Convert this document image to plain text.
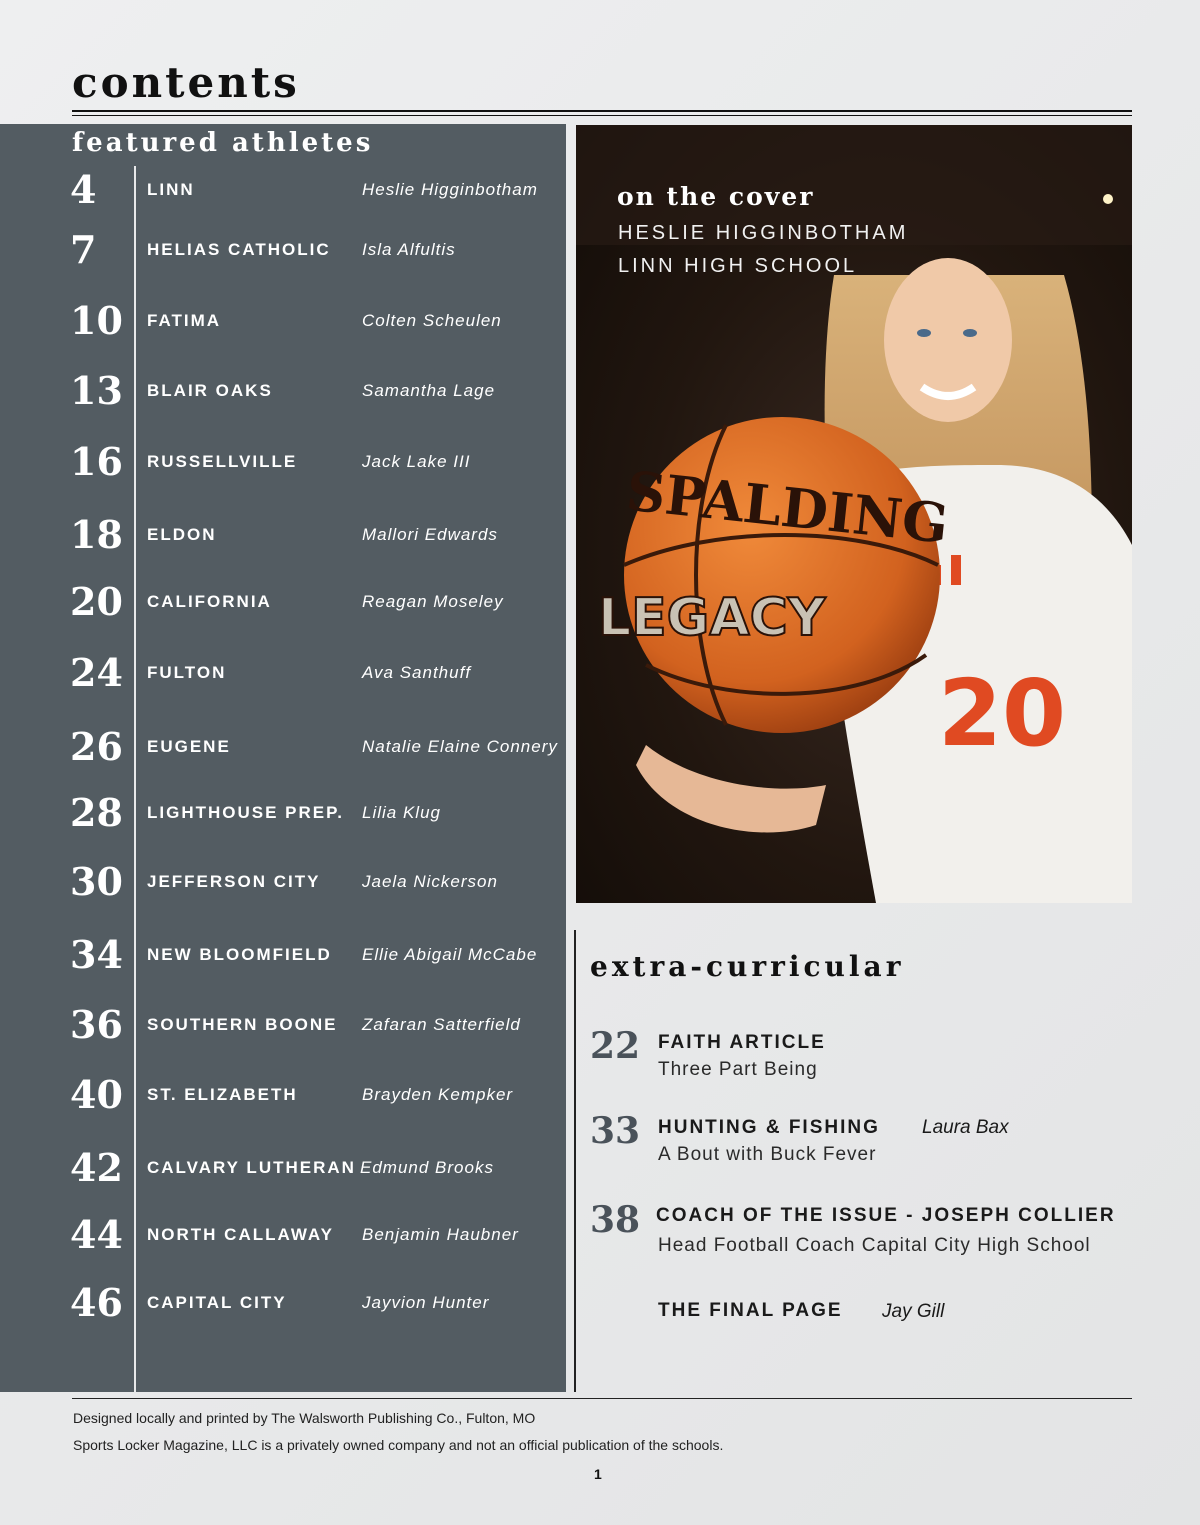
contents
featured athletes
4	LINN	Heslie Higginbotham
7	HELIAS CATHOLIC Isla Alfultis
10	FATIMA	Colten Scheulen
13	BLAIR OAKS	Samantha Lage
16	RUSSELLVILLE	Jack Lake III
18	ELDON	Mallori Edwards
20	CALIFORNIA	Reagan Moseley
24	FULTON	Ava Santhuff
26	EUGENE	Natalie Elaine Connery
28	LIGHTHOUSE PREP. Lilia Klug
30	JEFFERSON CITY Jaela Nickerson
34	NEW BLOOMFIELD Ellie Abigail McCabe
36	SOUTHERN BOONE Zafaran Satterfield
40	ST. ELIZABETH	Brayden Kempker
42	CALVARY LUTHERAN Edmund Brooks
44	NORTH CALLAWAY Benjamin Haubner
46	CAPITAL CITY	Jayvion Hunter
20
SPALDING
LEGACY
on the cover
HESLIE HIGGINBOTHAM
LINN HIGH SCHOOL
extra-curricular
22 FAITH ARTICLE
Three Part Being
33 HUNTING & FISHING Laura Bax
A Bout with Buck Fever
38 COACH OF THE ISSUE - JOSEPH COLLIER
Head Football Coach Capital City High School
THE FINAL PAGE Jay Gill
Designed locally and printed by The Walsworth Publishing Co., Fulton, MO
Sports Locker Magazine, LLC is a privately owned company and not an official publication of the schools.
1
